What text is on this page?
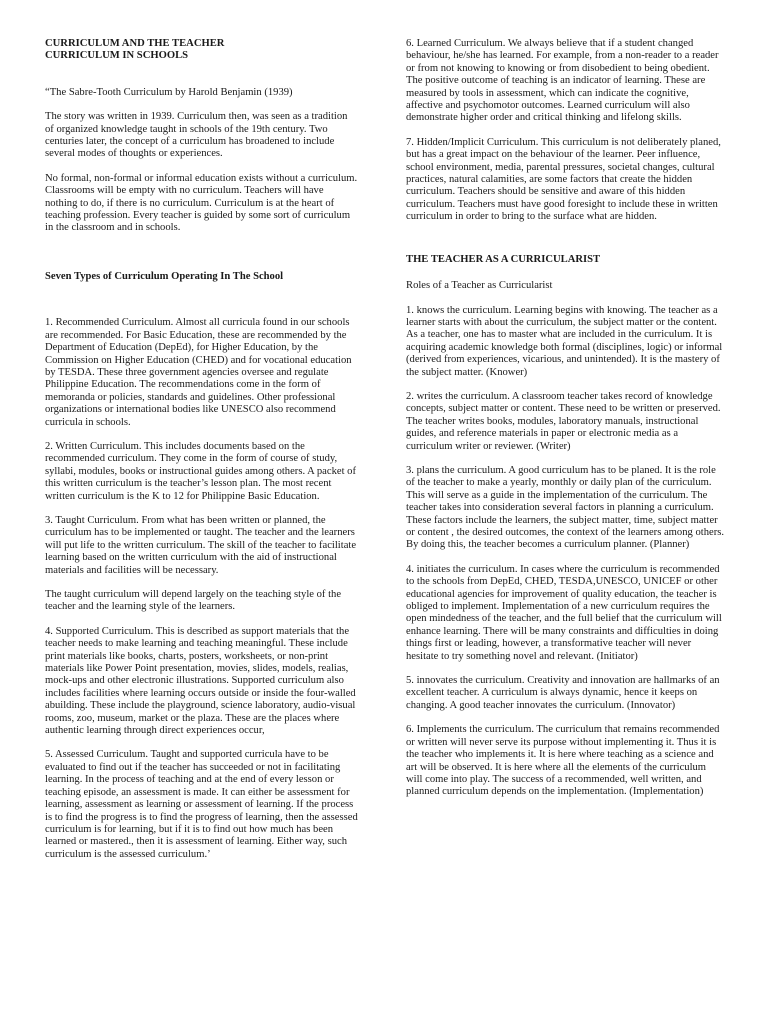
CURRICULUM AND THE TEACHER

CURRICULUM IN SCHOOLS

“The Sabre-Tooth Curriculum by Harold Benjamin (1939)

The story was written in 1939. Curriculum then, was seen as a tradition of organized knowledge taught in schools of the 19th century. Two centuries later, the concept of a curriculum has broadened to include several modes of thoughts or experiences.

No formal, non-formal or informal education exists without a curriculum. Classrooms will be empty with no curriculum. Teachers will have nothing to do, if there is no curriculum. Curriculum is at the heart of teaching profession. Every teacher is guided by some sort of curriculum in the classroom and in schools.

Seven Types of Curriculum Operating In The School

1. Recommended Curriculum. Almost all curricula found in our schools are recommended. For Basic Education, these are recommended by the Department of Education (DepEd), for Higher Education, by the Commission on Higher Education (CHED) and for vocational education by TESDA. These three government agencies oversee and regulate Philippine Education. The recommendations come in the form of memoranda or policies, standards and guidelines. Other professional organizations or international bodies like UNESCO also recommend curricula in schools.

2. Written Curriculum. This includes documents based on the recommended curriculum. They come in the form of course of study, syllabi, modules, books or instructional guides among others. A packet of this written curriculum is the teacher’s lesson plan. The most recent written curriculum is the K to 12 for Philippine Basic Education.

3. Taught Curriculum. From what has been written or planned, the curriculum has to be implemented or taught. The teacher and the learners will put life to the written curriculum. The skill of the teacher to facilitate learning based on the written curriculum with the aid of instructional materials and facilities will be necessary.

The taught curriculum will depend largely on the teaching style of the teacher and the learning style of the learners.

4. Supported Curriculum. This is described as support materials that the teacher needs to make learning and teaching meaningful. These include print materials like books, charts, posters, worksheets, or non-print materials like Power Point presentation, movies, slides, models, realias, mock-ups and other electronic illustrations. Supported curriculum also includes facilities where learning occurs outside or inside the four-walled abuilding. These include the playground, science laboratory, audio-visual rooms, zoo, museum, market or the plaza. These are the places where authentic learning through direct experiences occur,

5. Assessed Curriculum. Taught and supported curricula have to be evaluated to find out if the teacher has succeeded or not in facilitating learning. In the process of teaching and at the end of every lesson or teaching episode, an assessment is made. It can either be assessment for learning, assessment as learning or assessment of learning. If the process is to find the progress is to find the progress of learning, then the assessed curriculum is for learning, but if it is to find out how much has been learned or mastered., then it is assessment of learning. Either way, such curriculum is the assessed curriculum.’

6. Learned Curriculum. We always believe that if a student changed behaviour, he/she has learned. For example, from a non-reader to a reader or from not knowing to knowing or from disobedient to being obedient. The positive outcome of teaching is an indicator of learning. These are measured by tools in assessment, which can indicate the cognitive, affective and psychomotor outcomes. Learned curriculum will also demonstrate higher order and critical thinking and lifelong skills.

7. Hidden/Implicit Curriculum. This curriculum is not deliberately planed, but has a great impact on the behaviour of the learner. Peer influence, school environment, media, parental pressures, societal changes, cultural practices, natural calamities, are some factors that create the hidden curriculum. Teachers should be sensitive and aware of this hidden curriculum. Teachers must have good foresight to include these in written curriculum in order to bring to the surface what are hidden.

THE TEACHER AS A CURRICULARIST

Roles of a Teacher as Curricularist

1. knows the curriculum. Learning begins with knowing. The teacher as a learner starts with about the curriculum, the subject matter or the content. As a teacher, one has to master what are included in the curriculum. It is acquiring academic knowledge both formal (disciplines, logic) or informal (derived from experiences, vicarious, and unintended). It is the mastery of the subject matter. (Knower)

2. writes the curriculum. A classroom teacher takes record of knowledge concepts, subject matter or content. These need to be written or preserved. The teacher writes books, modules, laboratory manuals, instructional guides, and reference materials in paper or electronic media as a curriculum writer or reviewer. (Writer)

3. plans the curriculum. A good curriculum has to be planed. It is the role of the teacher to make a yearly, monthly or daily plan of the curriculum. This will serve as a guide in the implementation of the curriculum. The teacher takes into consideration several factors in planning a curriculum. These factors include the learners, the subject matter, time, subject matter or content , the desired outcomes, the context of the learners among others. By doing this, the teacher becomes a curriculum planner. (Planner)

4. initiates the curriculum. In cases where the curriculum is recommended to the schools from DepEd, CHED, TESDA,UNESCO, UNICEF or other educational agencies for improvement of quality education, the teacher is obliged to implement. Implementation of a new curriculum requires the open mindedness of the teacher, and the full belief that the curriculum will enhance learning. There will be many constraints and difficulties in doing things first or leading, however, a transformative teacher will never hesitate to try something novel and relevant. (Initiator)

5. innovates the curriculum. Creativity and innovation are hallmarks of an excellent teacher. A curriculum is always dynamic, hence it keeps on changing. A good teacher innovates the curriculum. (Innovator)

6. Implements the curriculum. The curriculum that remains recommended or written will never serve its purpose without implementing it. Thus it is the teacher who implements it. It is here where teaching as a science and art will be observed. It is here where all the elements of the curriculum will come into play. The success of a recommended, well written, and planned curriculum depends on the implementation. (Implementation)
